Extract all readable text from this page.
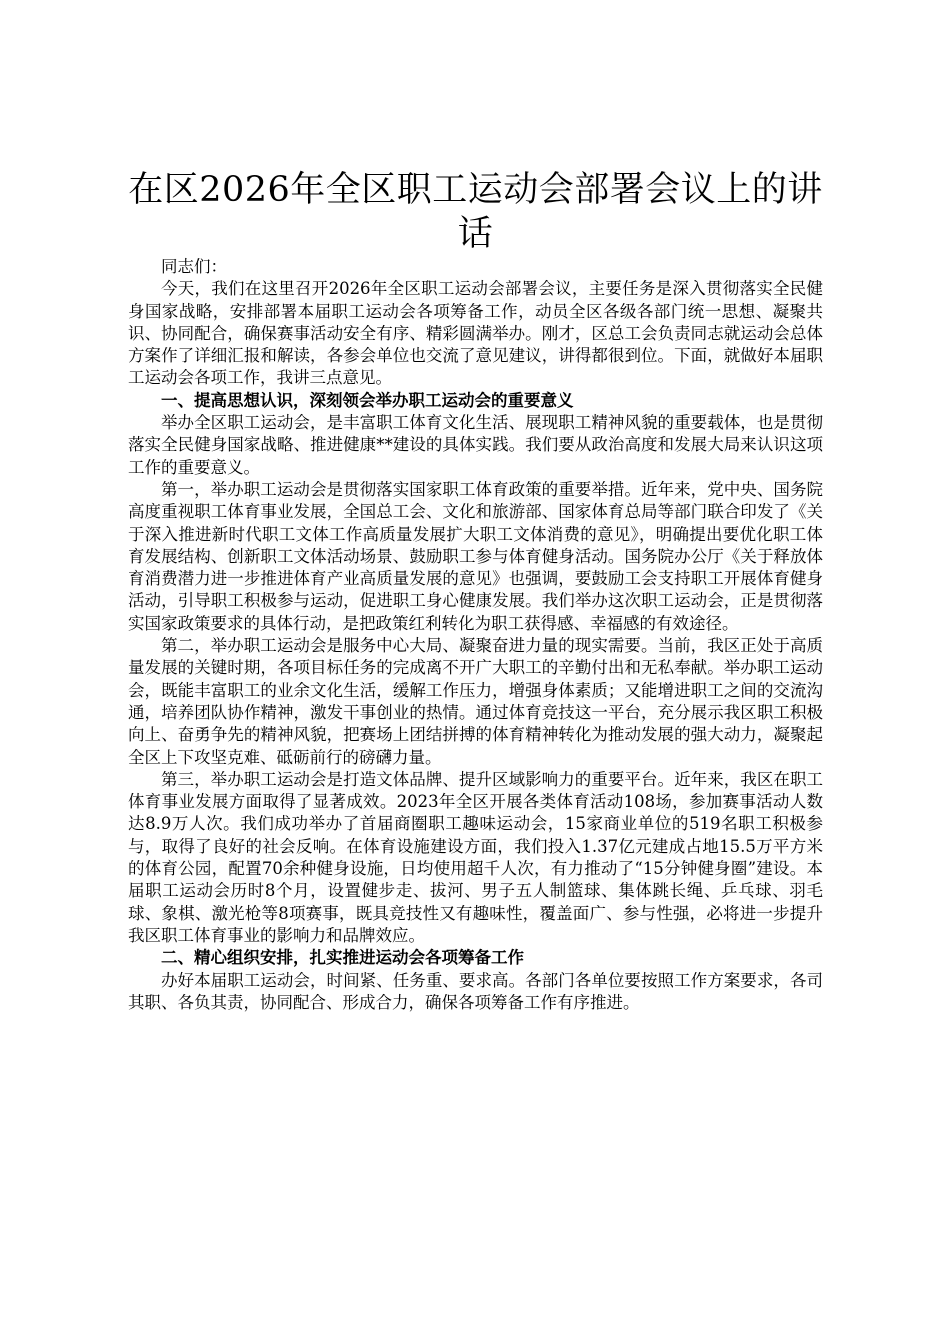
在区2026年全区职工运动会部署会议上的讲话

同志们：

今天，我们在这里召开2026年全区职工运动会部署会议，主要任务是深入贯彻落实全民健身国家战略，安排部署本届职工运动会各项筹备工作，动员全区各级各部门统一思想、凝聚共识、协同配合，确保赛事活动安全有序、精彩圆满举办。刚才，区总工会负责同志就运动会总体方案作了详细汇报和解读，各参会单位也交流了意见建议，讲得都很到位。下面，就做好本届职工运动会各项工作，我讲三点意见。

一、提高思想认识，深刻领会举办职工运动会的重要意义

举办全区职工运动会，是丰富职工体育文化生活、展现职工精神风貌的重要载体，也是贯彻落实全民健身国家战略、推进健康**建设的具体实践。我们要从政治高度和发展大局来认识这项工作的重要意义。

第一，举办职工运动会是贯彻落实国家职工体育政策的重要举措。近年来，党中央、国务院高度重视职工体育事业发展，全国总工会、文化和旅游部、国家体育总局等部门联合印发了《关于深入推进新时代职工文体工作高质量发展扩大职工文体消费的意见》，明确提出要优化职工体育发展结构、创新职工文体活动场景、鼓励职工参与体育健身活动。国务院办公厅《关于释放体育消费潜力进一步推进体育产业高质量发展的意见》也强调，要鼓励工会支持职工开展体育健身活动，引导职工积极参与运动，促进职工身心健康发展。我们举办这次职工运动会，正是贯彻落实国家政策要求的具体行动，是把政策红利转化为职工获得感、幸福感的有效途径。

第二，举办职工运动会是服务中心大局、凝聚奋进力量的现实需要。当前，我区正处于高质量发展的关键时期，各项目标任务的完成离不开广大职工的辛勤付出和无私奉献。举办职工运动会，既能丰富职工的业余文化生活，缓解工作压力，增强身体素质；又能增进职工之间的交流沟通，培养团队协作精神，激发干事创业的热情。通过体育竞技这一平台，充分展示我区职工积极向上、奋勇争先的精神风貌，把赛场上团结拼搏的体育精神转化为推动发展的强大动力，凝聚起全区上下攻坚克难、砥砺前行的磅礴力量。

第三，举办职工运动会是打造文体品牌、提升区域影响力的重要平台。近年来，我区在职工体育事业发展方面取得了显著成效。2023年全区开展各类体育活动108场，参加赛事活动人数达8.9万人次。我们成功举办了首届商圈职工趣味运动会，15家商业单位的519名职工积极参与，取得了良好的社会反响。在体育设施建设方面，我们投入1.37亿元建成占地15.5万平方米的体育公园，配置70余种健身设施，日均使用超千人次，有力推动了“15分钟健身圈”建设。本届职工运动会历时8个月，设置健步走、拔河、男子五人制篮球、集体跳长绳、乒乓球、羽毛球、象棋、激光枪等8项赛事，既具竞技性又有趣味性，覆盖面广、参与性强，必将进一步提升我区职工体育事业的影响力和品牌效应。

二、精心组织安排，扎实推进运动会各项筹备工作

办好本届职工运动会，时间紧、任务重、要求高。各部门各单位要按照工作方案要求，各司其职、各负其责，协同配合、形成合力，确保各项筹备工作有序推进。
